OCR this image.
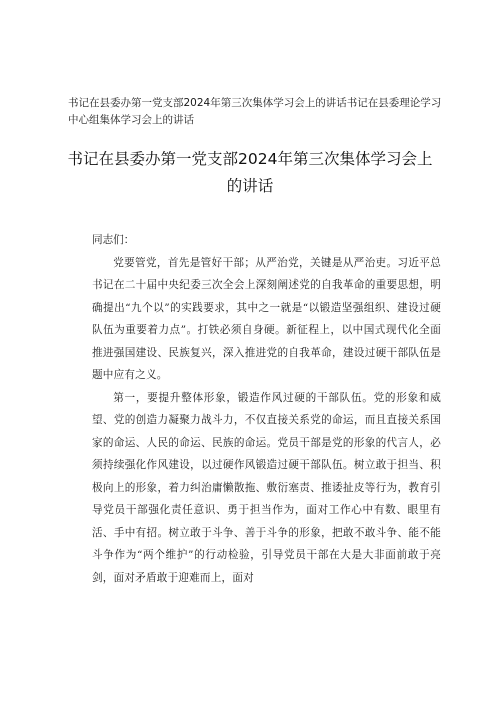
书记在县委办第一党支部2024年第三次集体学习会上的讲话书记在县委理论学习中心组集体学习会上的讲话
书记在县委办第一党支部2024年第三次集体学习会上的讲话

同志们：

党要管党，首先是管好干部；从严治党，关键是从严治吏。习近平总书记在二十届中央纪委三次全会上深刻阐述党的自我革命的重要思想，明确提出“九个以”的实践要求，其中之一就是“以锻造坚强组织、建设过硬队伍为重要着力点”。打铁必须自身硬。新征程上，以中国式现代化全面推进强国建设、民族复兴，深入推进党的自我革命，建设过硬干部队伍是题中应有之义。

第一，要提升整体形象，锻造作风过硬的干部队伍。党的形象和威望、党的创造力凝聚力战斗力，不仅直接关系党的命运，而且直接关系国家的命运、人民的命运、民族的命运。党员干部是党的形象的代言人，必须持续强化作风建设，以过硬作风锻造过硬干部队伍。树立敢于担当、积极向上的形象，着力纠治庸懒散拖、敷衍塞责、推诿扯皮等行为，教育引导党员干部强化责任意识、勇于担当作为，面对工作心中有数、眼里有活、手中有招。树立敢于斗争、善于斗争的形象，把敢不敢斗争、能不能斗争作为“两个维护”的行动检验，引导党员干部在大是大非面前敢于亮剑，面对矛盾敢于迎难而上，面对
